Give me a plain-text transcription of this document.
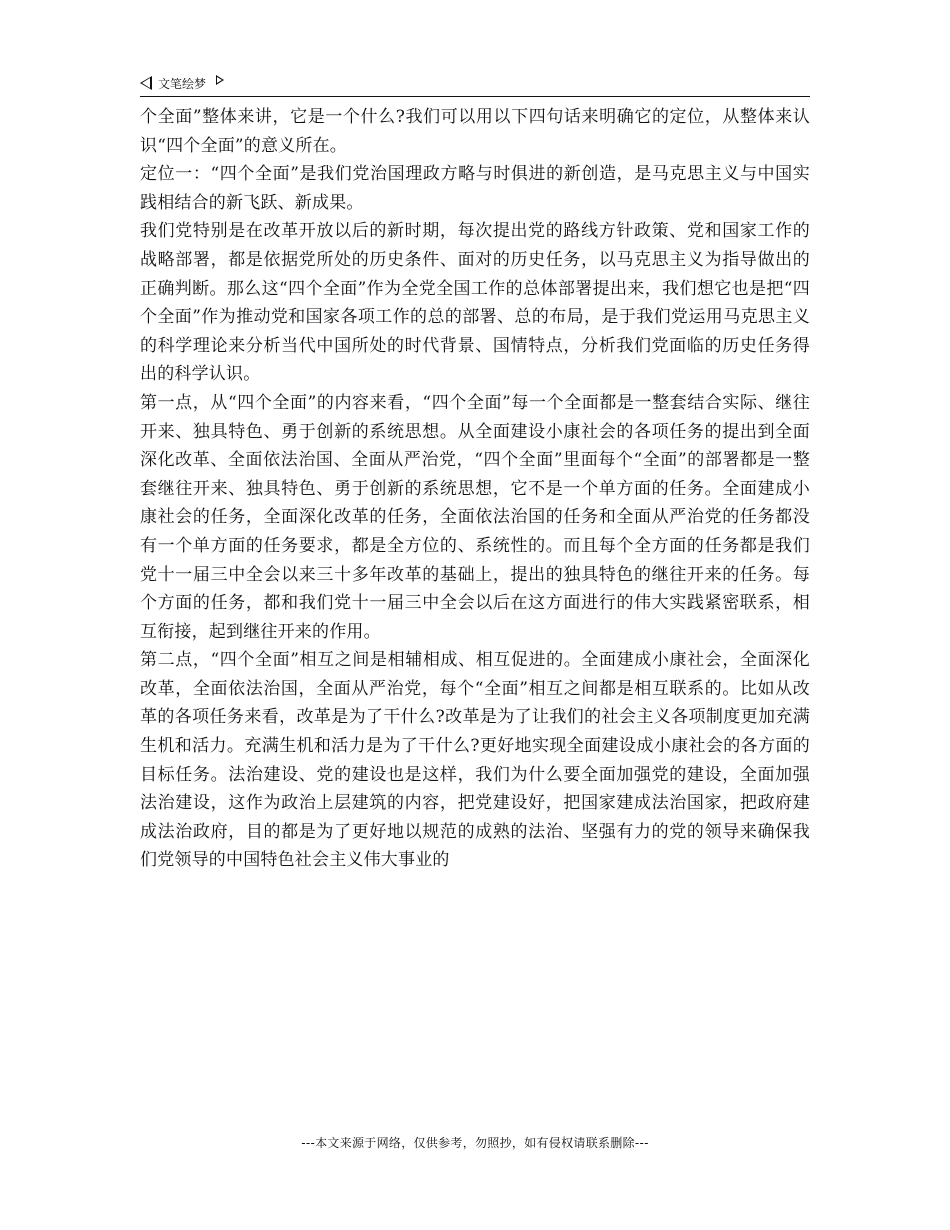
文笔绘梦

个全面”整体来讲，它是一个什么?我们可以用以下四句话来明确它的定位，从整体来认识“四个全面”的意义所在。

定位一：“四个全面”是我们党治国理政方略与时俱进的新创造，是马克思主义与中国实践相结合的新飞跃、新成果。

我们党特别是在改革开放以后的新时期，每次提出党的路线方针政策、党和国家工作的战略部署，都是依据党所处的历史条件、面对的历史任务，以马克思主义为指导做出的正确判断。那么这“四个全面”作为全党全国工作的总体部署提出来，我们想它也是把“四个全面”作为推动党和国家各项工作的总的部署、总的布局，是于我们党运用马克思主义的科学理论来分析当代中国所处的时代背景、国情特点，分析我们党面临的历史任务得出的科学认识。

第一点，从“四个全面”的内容来看，“四个全面”每一个全面都是一整套结合实际、继往开来、独具特色、勇于创新的系统思想。从全面建设小康社会的各项任务的提出到全面深化改革、全面依法治国、全面从严治党，“四个全面”里面每个“全面”的部署都是一整套继往开来、独具特色、勇于创新的系统思想，它不是一个单方面的任务。全面建成小康社会的任务，全面深化改革的任务，全面依法治国的任务和全面从严治党的任务都没有一个单方面的任务要求，都是全方位的、系统性的。而且每个全方面的任务都是我们党十一届三中全会以来三十多年改革的基础上，提出的独具特色的继往开来的任务。每个方面的任务，都和我们党十一届三中全会以后在这方面进行的伟大实践紧密联系，相互衔接，起到继往开来的作用。

第二点，“四个全面”相互之间是相辅相成、相互促进的。全面建成小康社会，全面深化改革，全面依法治国，全面从严治党，每个“全面”相互之间都是相互联系的。比如从改革的各项任务来看，改革是为了干什么?改革是为了让我们的社会主义各项制度更加充满生机和活力。充满生机和活力是为了干什么?更好地实现全面建设成小康社会的各方面的目标任务。法治建设、党的建设也是这样，我们为什么要全面加强党的建设，全面加强法治建设，这作为政治上层建筑的内容，把党建设好，把国家建成法治国家，把政府建成法治政府，目的都是为了更好地以规范的成熟的法治、坚强有力的党的领导来确保我们党领导的中国特色社会主义伟大事业的

---本文来源于网络，仅供参考，勿照抄，如有侵权请联系删除---
